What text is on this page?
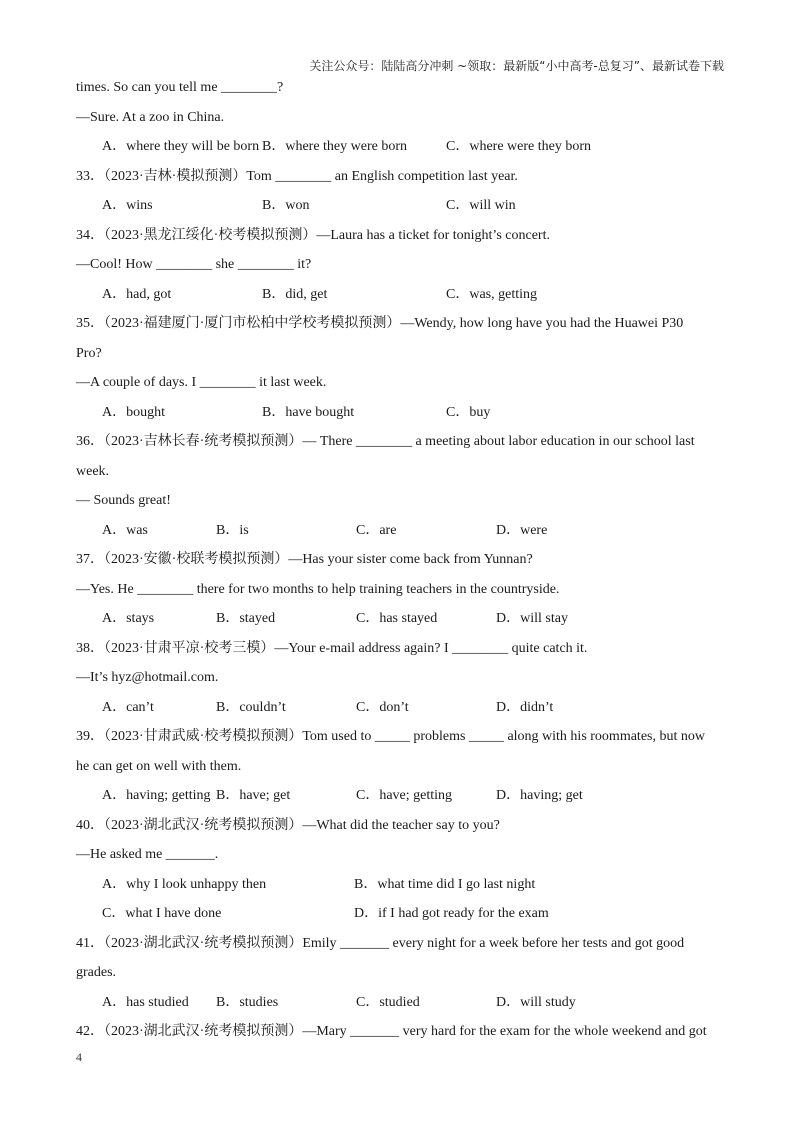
关注公众号：陆陆高分冲刺 ~领取：最新版“小中高考-总复习”、最新试卷下载
times. So can you tell me ________?
—Sure. At a zoo in China.
A．where they will be born B．where they were born	C．where were they born
33．（2023·吉林·模拟预测）Tom ________ an English competition last year.
A．wins	B．won	C．will win
34．（2023·黑龙江绥化·校考模拟预测）—Laura has a ticket for tonight’s concert.
—Cool! How ________ she ________ it?
A．had, got	B．did, get	C．was, getting
35．（2023·福建厦门·厦门市松柏中学校考模拟预测）—Wendy, how long have you had the Huawei P30
Pro?
—A couple of days. I ________ it last week.
A．bought	B．have bought	C．buy
36．（2023·吉林长春·统考模拟预测）— There ________ a meeting about labor education in our school last
week.
— Sounds great!
A．was	B．is	C．are	D．were
37．（2023·安徽·校联考模拟预测）—Has your sister come back from Yunnan?
—Yes. He ________ there for two months to help training teachers in the countryside.
A．stays	B．stayed	C．has stayed	D．will stay
38．（2023·甘肃平凉·校考三模）—Your e-mail address again? I ________ quite catch it.
—It’s hyz@hotmail.com.
A．can’t	B．couldn’t	C．don’t	D．didn’t
39．（2023·甘肃武威·校考模拟预测）Tom used to _____ problems _____ along with his roommates, but now
he can get on well with them.
A．having; getting B．have; get	C．have; getting	D．having; get
40．（2023·湖北武汉·统考模拟预测）—What did the teacher say to you?
—He asked me _______.
A．why I look unhappy then	B．what time did I go last night
C．what I have done	D．if I had got ready for the exam
41．（2023·湖北武汉·统考模拟预测）Emily _______ every night for a week before her tests and got good
grades.
A．has studied B．studies	C．studied	D．will study
42．（2023·湖北武汉·统考模拟预测）—Mary _______ very hard for the exam for the whole weekend and got
4
